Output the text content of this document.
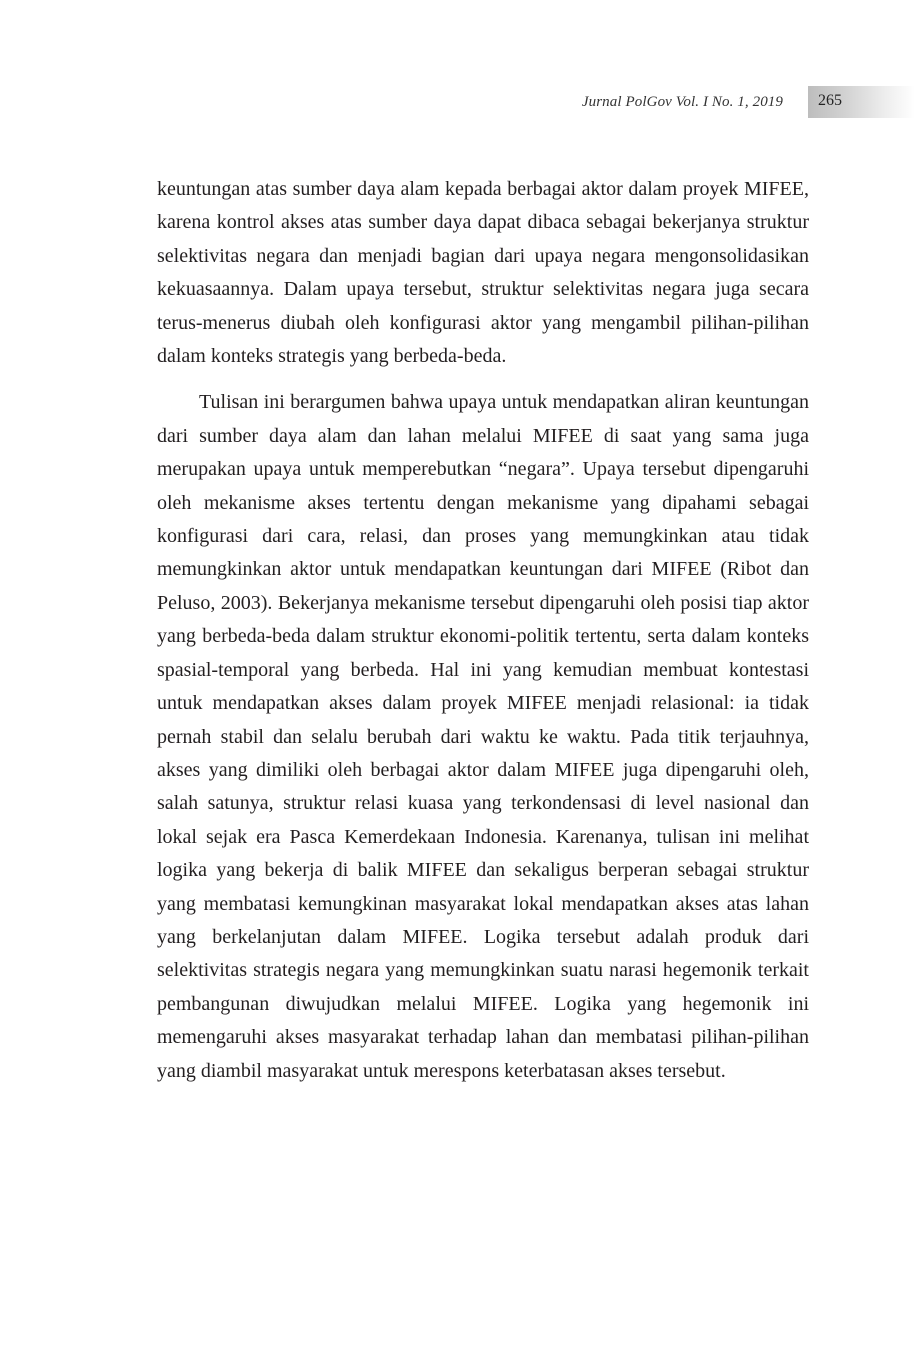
Jurnal PolGov Vol. I No. 1, 2019 265

keuntungan atas sumber daya alam kepada berbagai aktor dalam proyek MIFEE, karena kontrol akses atas sumber daya dapat dibaca sebagai bekerjanya struktur selektivitas negara dan menjadi bagian dari upaya negara mengonsolidasikan kekuasaannya. Dalam upaya tersebut, struktur selektivitas negara juga secara terus-menerus diubah oleh konfigurasi aktor yang mengambil pilihan-pilihan dalam konteks strategis yang berbeda-beda.

Tulisan ini berargumen bahwa upaya untuk mendapatkan aliran keuntungan dari sumber daya alam dan lahan melalui MIFEE di saat yang sama juga merupakan upaya untuk memperebutkan “negara”. Upaya tersebut dipengaruhi oleh mekanisme akses tertentu dengan mekanisme yang dipahami sebagai konfigurasi dari cara, relasi, dan proses yang memungkinkan atau tidak memungkinkan aktor untuk mendapatkan keuntungan dari MIFEE (Ribot dan Peluso, 2003). Bekerjanya mekanisme tersebut dipengaruhi oleh posisi tiap aktor yang berbeda-beda dalam struktur ekonomi-politik tertentu, serta dalam konteks spasial-temporal yang berbeda. Hal ini yang kemudian membuat kontestasi untuk mendapatkan akses dalam proyek MIFEE menjadi relasional: ia tidak pernah stabil dan selalu berubah dari waktu ke waktu. Pada titik terjauhnya, akses yang dimiliki oleh berbagai aktor dalam MIFEE juga dipengaruhi oleh, salah satunya, struktur relasi kuasa yang terkondensasi di level nasional dan lokal sejak era Pasca Kemerdekaan Indonesia. Karenanya, tulisan ini melihat logika yang bekerja di balik MIFEE dan sekaligus berperan sebagai struktur yang membatasi kemungkinan masyarakat lokal mendapatkan akses atas lahan yang berkelanjutan dalam MIFEE. Logika tersebut adalah produk dari selektivitas strategis negara yang memungkinkan suatu narasi hegemonik terkait pembangunan diwujudkan melalui MIFEE. Logika yang hegemonik ini memengaruhi akses masyarakat terhadap lahan dan membatasi pilihan-pilihan yang diambil masyarakat untuk merespons keterbatasan akses tersebut.
